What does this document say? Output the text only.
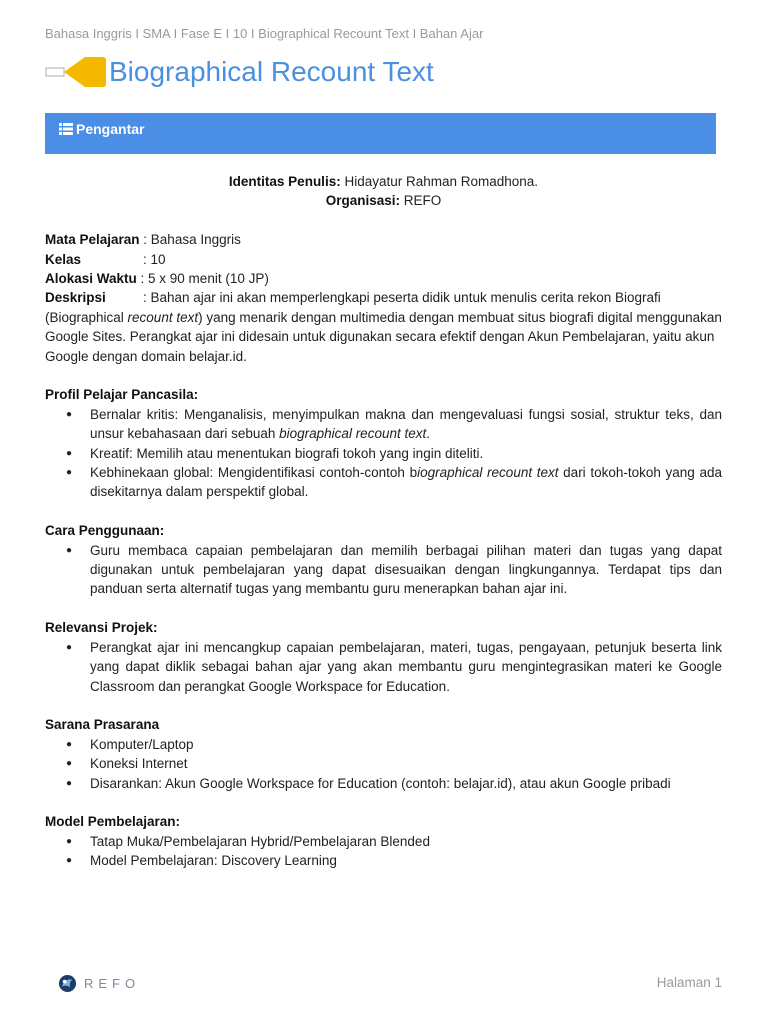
Bahasa Inggris I SMA I Fase E I 10 I Biographical Recount Text I Bahan Ajar
Biographical Recount Text
Pengantar
Identitas Penulis: Hidayatur Rahman Romadhona.
Organisasi: REFO
Mata Pelajaran : Bahasa Inggris
Kelas	: 10
Alokasi Waktu : 5 x 90 menit (10 JP)
Deskripsi	: Bahan ajar ini akan memperlengkapi peserta didik untuk menulis cerita rekon Biografi (Biographical recount text) yang menarik dengan multimedia dengan membuat situs biografi digital menggunakan Google Sites. Perangkat ajar ini didesain untuk digunakan secara efektif dengan Akun Pembelajaran, yaitu akun Google dengan domain belajar.id.
Profil Pelajar Pancasila:
● Bernalar kritis: Menganalisis, menyimpulkan makna dan mengevaluasi fungsi sosial, struktur teks, dan unsur kebahasaan dari sebuah biographical recount text.
● Kreatif: Memilih atau menentukan biografi tokoh yang ingin diteliti.
● Kebhinekaan global: Mengidentifikasi contoh-contoh biographical recount text dari tokoh-tokoh yang ada disekitarnya dalam perspektif global.
Cara Penggunaan:
● Guru membaca capaian pembelajaran dan memilih berbagai pilihan materi dan tugas yang dapat digunakan untuk pembelajaran yang dapat disesuaikan dengan lingkungannya. Terdapat tips dan panduan serta alternatif tugas yang membantu guru menerapkan bahan ajar ini.
Relevansi Projek:
● Perangkat ajar ini mencangkup capaian pembelajaran, materi, tugas, pengayaan, petunjuk beserta link yang dapat diklik sebagai bahan ajar yang akan membantu guru mengintegrasikan materi ke Google Classroom dan perangkat Google Workspace for Education.
Sarana Prasarana
● Komputer/Laptop
● Koneksi Internet
● Disarankan: Akun Google Workspace for Education (contoh: belajar.id), atau akun Google pribadi
Model Pembelajaran:
● Tatap Muka/Pembelajaran Hybrid/Pembelajaran Blended
● Model Pembelajaran: Discovery Learning
REFO	Halaman 1
